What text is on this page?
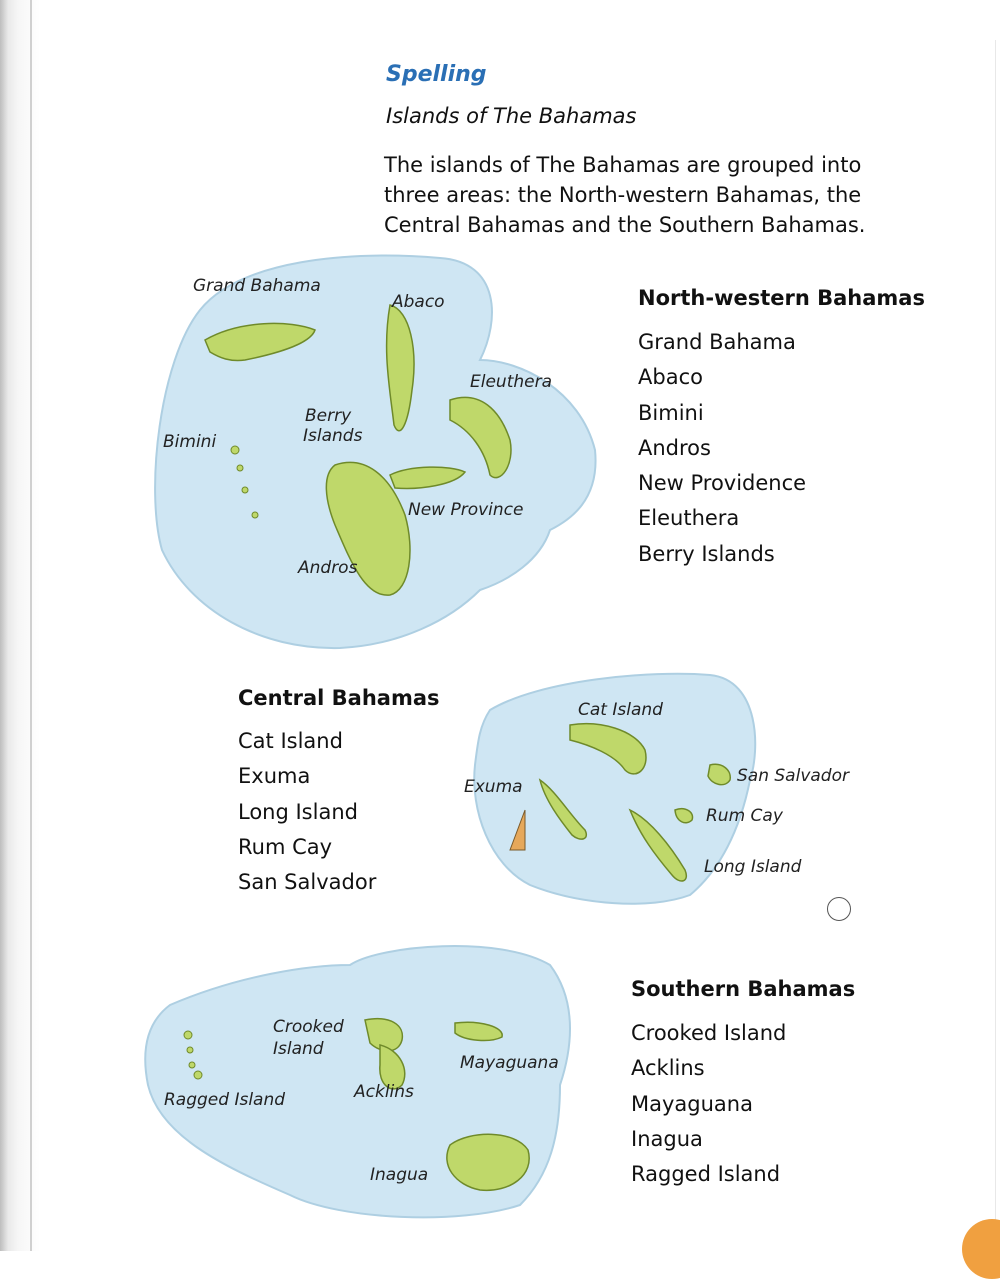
Spelling
Islands of The Bahamas
The islands of The Bahamas are grouped into three areas: the North-western Bahamas, the Central Bahamas and the Southern Bahamas.
Grand Bahama
Abaco
Eleuthera
Berry
Islands
Bimini
New Province
Andros
North-western Bahamas
Grand Bahama
Abaco
Bimini
Andros
New Providence
Eleuthera
Berry Islands
Central Bahamas
Cat Island
Exuma
Long Island
Rum Cay
San Salvador
Cat Island
Exuma
San Salvador
Rum Cay
Long Island
Crooked
Island
Mayaguana
Acklins
Ragged Island
Inagua
Southern Bahamas
Crooked Island
Acklins
Mayaguana
Inagua
Ragged Island
